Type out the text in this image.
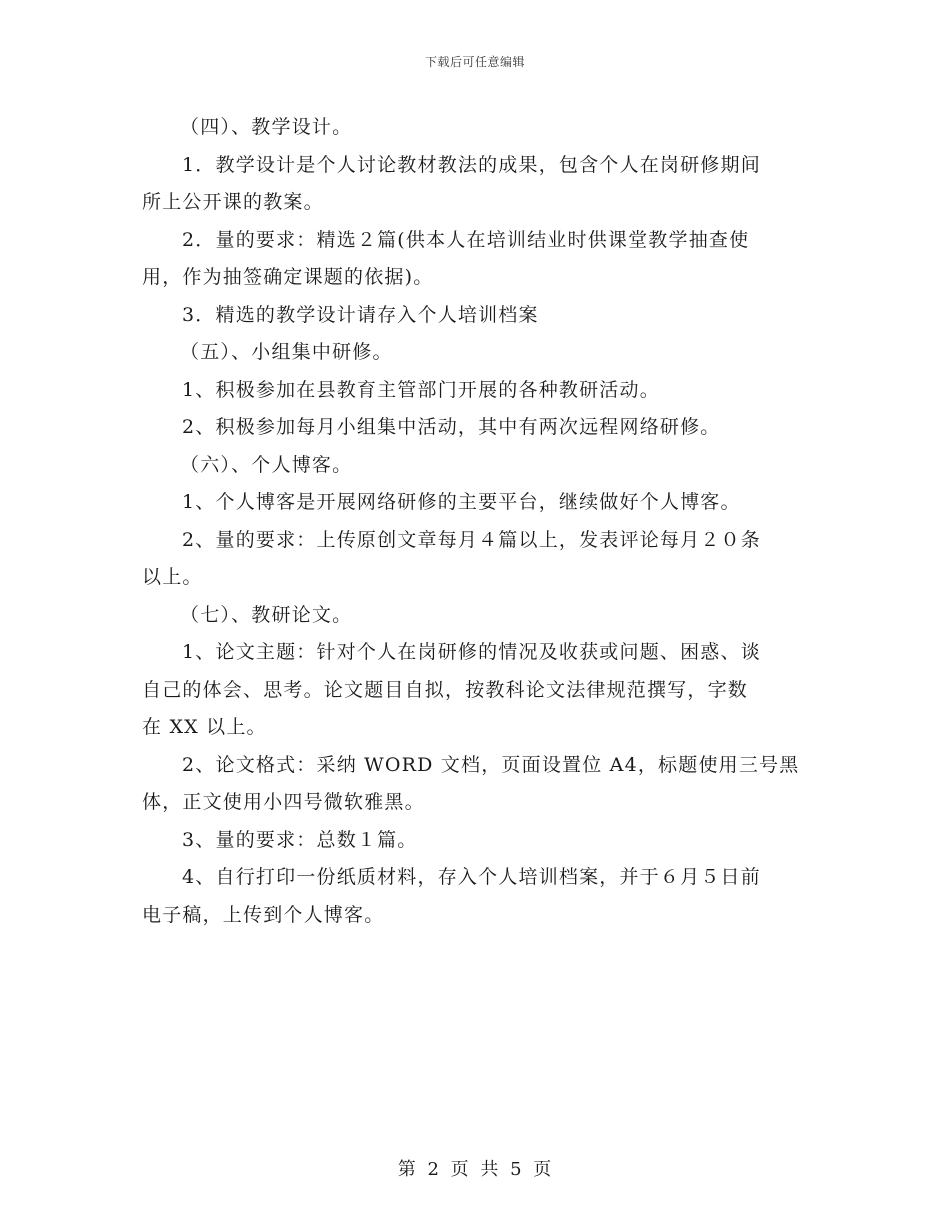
下载后可任意编辑

（四）、教学设计。

1．教学设计是个人讨论教材教法的成果，包含个人在岗研修期间

所上公开课的教案。

2．量的要求：精选２篇(供本人在培训结业时供课堂教学抽查使

用，作为抽签确定课题的依据)。

3．精选的教学设计请存入个人培训档案

（五）、小组集中研修。

1、积极参加在县教育主管部门开展的各种教研活动。

2、积极参加每月小组集中活动，其中有两次远程网络研修。

（六）、个人博客。

1、个人博客是开展网络研修的主要平台，继续做好个人博客。

2、量的要求：上传原创文章每月４篇以上，发表评论每月２０条

以上。

（七）、教研论文。

1、论文主题：针对个人在岗研修的情况及收获或问题、困惑、谈

自己的体会、思考。论文题目自拟，按教科论文法律规范撰写，字数

在 XX 以上。

2、论文格式：采纳 WORD 文档，页面设置位 A4，标题使用三号黑

体，正文使用小四号微软雅黑。

3、量的要求：总数１篇。

4、自行打印一份纸质材料，存入个人培训档案，并于６月５日前

电子稿，上传到个人博客。

第 2 页 共 5 页
